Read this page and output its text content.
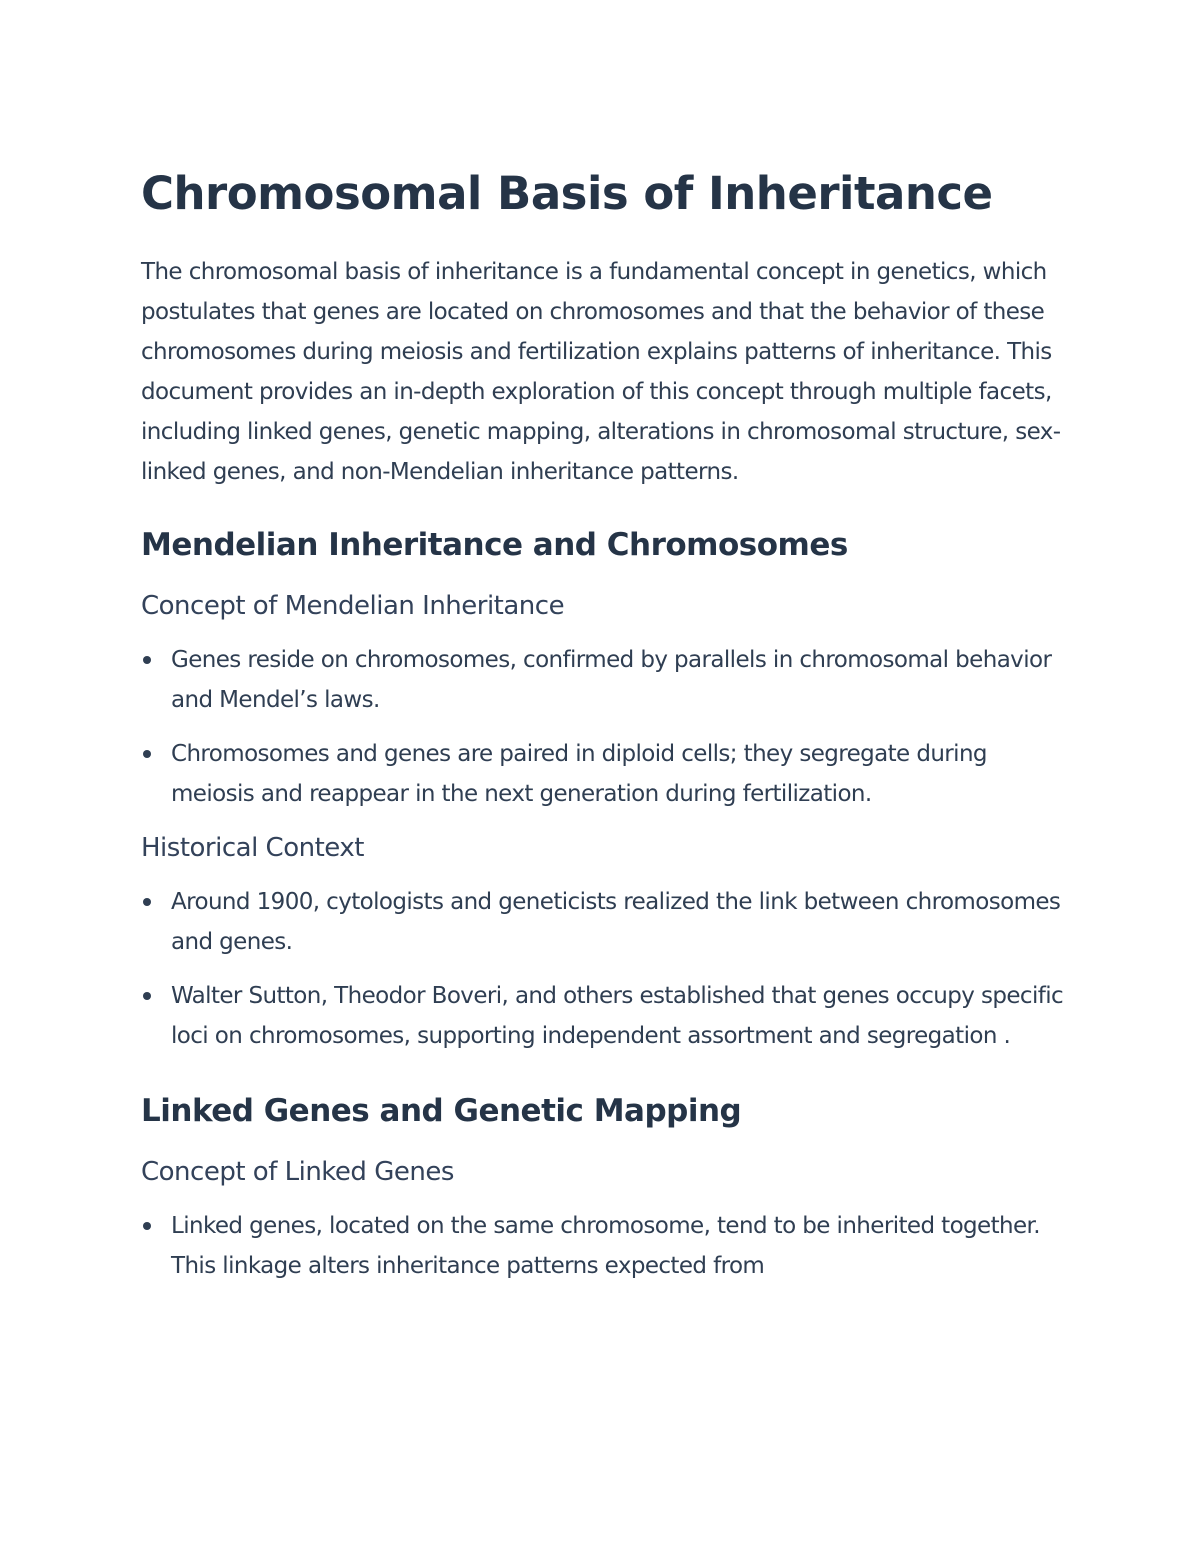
Chromosomal Basis of Inheritance

The chromosomal basis of inheritance is a fundamental concept in genetics, which postulates that genes are located on chromosomes and that the behavior of these chromosomes during meiosis and fertilization explains patterns of inheritance. This document provides an in-depth exploration of this concept through multiple facets, including linked genes, genetic mapping, alterations in chromosomal structure, sex-linked genes, and non-Mendelian inheritance patterns.

Mendelian Inheritance and Chromosomes
Concept of Mendelian Inheritance
Genes reside on chromosomes, confirmed by parallels in chromosomal behavior and Mendel’s laws.
Chromosomes and genes are paired in diploid cells; they segregate during meiosis and reappear in the next generation during fertilization.
Historical Context
Around 1900, cytologists and geneticists realized the link between chromosomes and genes.
Walter Sutton, Theodor Boveri, and others established that genes occupy specific loci on chromosomes, supporting independent assortment and segregation .
Linked Genes and Genetic Mapping
Concept of Linked Genes
Linked genes, located on the same chromosome, tend to be inherited together. This linkage alters inheritance patterns expected from
